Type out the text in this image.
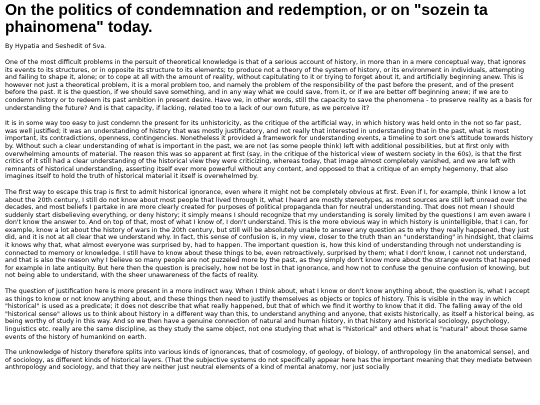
On the politics of condemnation and redemption, or on "sozein ta phainomena" today.
By Hypatia and Seshedit of Sva.

One of the most difficult problems in the persuit of theoretical knowledge is that of a serious account of history, in more than in a mere conceptual way, that ignores its events to its structures, or in opposite its structure to its elements; to produce not a theory of the system of history, or its environment in individuals, attempting and failing to shape it, alone; or to cope at all with the amount of reality, without capitulating to it or trying to forget about it, and artificially beginning anew. This is however not just a theoretical problem, it is a moral problem too, and namely the problem of the responsibility of the past before the present, and of the present before the past. It is the question, if we should save something, and in any way what we could save, from it, or if we are better off beginning anew; if we are to condemn history or to redeem its past ambition in present desire. Have we, in other words, still the capacity to save the phenomena - to preserve reality as a basis for understanding the future? And is that capacity, if lacking, related too to a lack of our own future, as we perceive it?

It is in some way too easy to just condemn the present for its unhistoricity, as the critique of the artificial way, in which history was held onto in the not so far past, was well justified; it was an understanding of history that was mostly justificatory, and not really that interested in understanding that in the past, what is most important, its contradictions, openness, contingencies. Nonetheless it provided a framework for understanding events, a timeline to sort one's attitude towards history by. Without such a clear understanding of what is important in the past, we are not (as some people think) left with additional possibilities, but at first only with overwhelming amounts of material. The reason this was so apparent at first (say, in the critique of the historical view of western society in the 60s), is that the first critics of it still had a clear understanding of the historical view they were criticizing, whereas today, that image almost completely vanished, and we are left with remnants of historical understanding, asserting itself ever more powerful without any content, and opposed to that a critique of an empty hegemony, that also imagines itself to hold the truth of historical material it itself is overwhelmed by.

The first way to escape this trap is first to admit historical ignorance, even where it might not be completely obvious at first. Even if I, for example, think I know a lot about the 20th century, I still do not know about most people that lived through it, what I heard are mostly stereotypes, as most sources are still left unread over the decades, and most beliefs I partake in are more clearly created for purposes of political propaganda than for neutral understanding. That does not mean I should suddenly start disbelieving everything, or deny history; it simply means I should recognize that my understanding is sorely limited by the questions I am even aware I don't know the answer to. And on top of that, most of what I know of, I don't understand. This is the more obvious way in which history is unintelligible, that I can, for example, know a lot about the history of wars in the 20th century, but still will be absolutely unable to answer any question as to why they really happened, they just did, and it is not at all clear that we understand why. In fact, this sense of confusion is, in my view, closer to the truth than an "understanding" in hindsight, that claims it knows why that, what almost everyone was surprised by, had to happen. The important question is, how this kind of understanding through not understanding is connected to memory or knowledge. I still have to know about these things to be, even retroactively, surprised by them; what I don't know, I cannot not understand, and that is also the reason why I believe so many people are not puzzeled more by the past, as they simply don't know more about the strange events that happened for example in late antiquity. But here then the question is precisely, how not be lost in that ignorance, and how not to confuse the genuine confusion of knowing, but not being able to understand, with the sheer unawareness of the facts of reality.

The question of justification here is more present in a more indirect way. When I think about, what I know or don't know anything about, the question is, what I accept as things to know or not know anything about, and these things then need to justify themselves as objects or topics of history. This is visible in the way in which "historical" is used as a predicate; it does not describe that what really happened, but that of which we find it worthy to know that it did. The falling away of the old "historical sense" allows us to think about history in a different way than this, to understand anything and anyone, that exists historically, as itself a historical being, as being worthy of study in this way. And so we then have a genuine connection of natural and human history, in that history and historical sociology, psychology, linguistics etc. really are the same discipline, as they study the same object, not one studying that what is "historical" and others what is "natural" about those same events of the history of humankind on earth.

The unknowledge of history therefore splits into various kinds of ignorances, that of cosmology, of geology, of biology, of anthropology (in the anatomical sense), and of sociology, as different kinds of historical layers. (That the subjective systems do not specifically appear here has the important meaning that they mediate between anthropology and sociology, and that they are neither just neutral elements of a kind of mental anatomy, nor just socially
